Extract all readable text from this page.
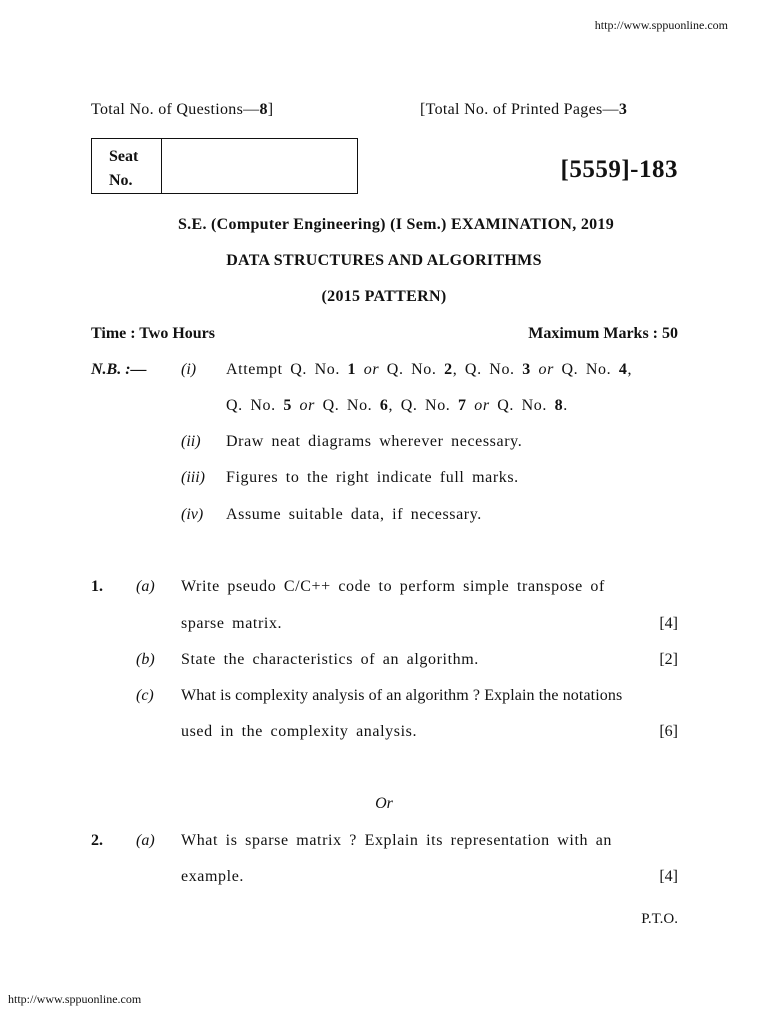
http://www.sppuonline.com
http://www.sppuonline.com
Total No. of Questions—8]	[Total No. of Printed Pages—3
Seat
No.	[5559]-183
S.E. (Computer Engineering) (I Sem.) EXAMINATION, 2019
DATA STRUCTURES AND ALGORITHMS
(2015 PATTERN)
Time : Two Hours	Maximum Marks : 50
N.B. :— (i) Attempt Q. No. 1 or Q. No. 2, Q. No. 3 or Q. No. 4,
Q. No. 5 or Q. No. 6, Q. No. 7 or Q. No. 8.
(ii) Draw neat diagrams wherever necessary.
(iii) Figures to the right indicate full marks.
(iv) Assume suitable data, if necessary.
1. (a) Write pseudo C/C++ code to perform simple transpose of
sparse matrix.	[4]
(b) State the characteristics of an algorithm.	[2]
(c) What is complexity analysis of an algorithm ? Explain the notations
used in the complexity analysis.	[6]
Or
2. (a) What is sparse matrix ? Explain its representation with an
example.	[4]
P.T.O.
